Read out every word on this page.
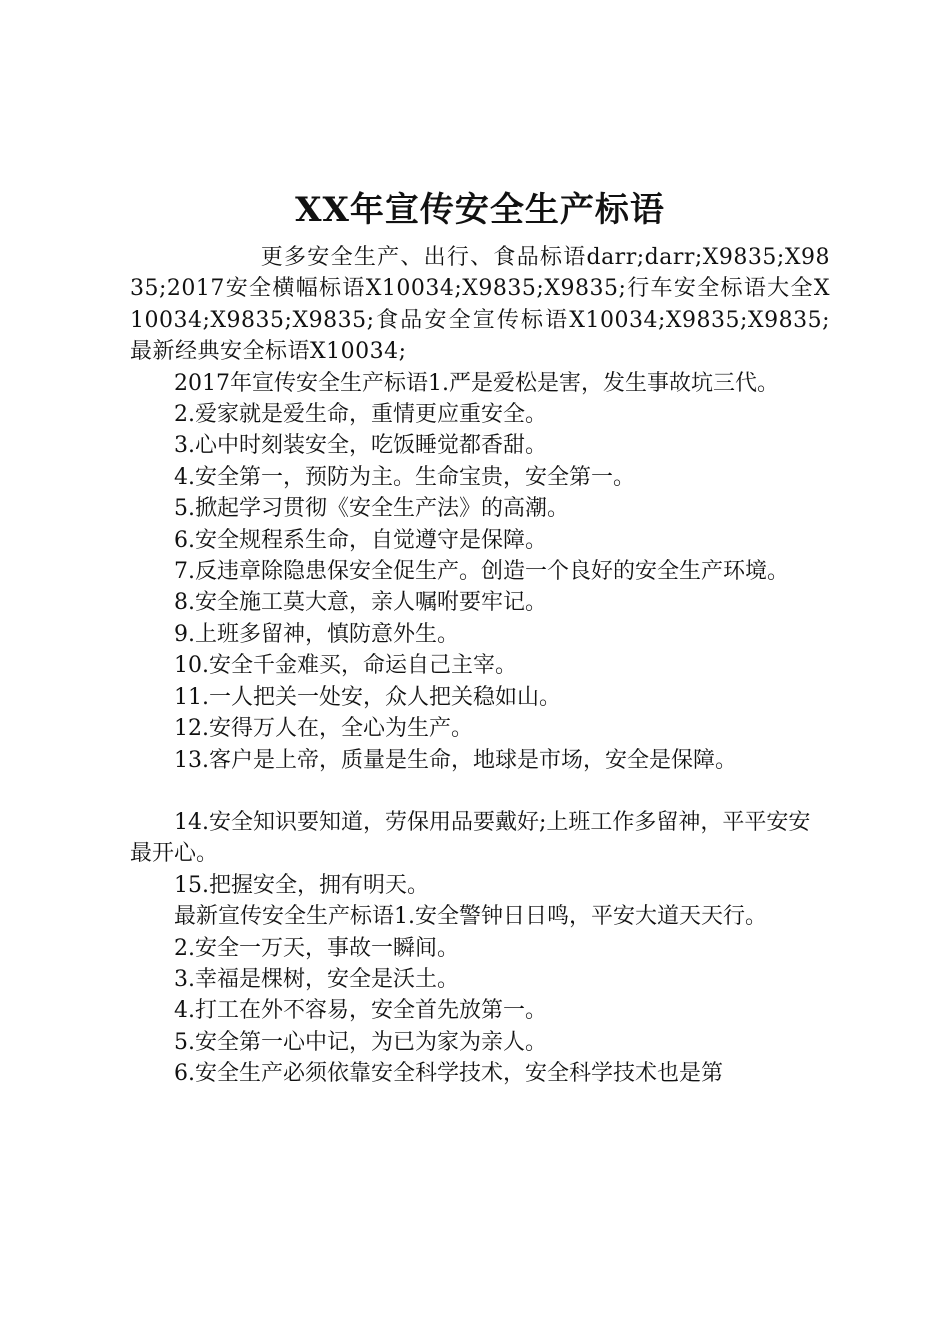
XX年宣传安全生产标语

更多安全生产、出行、食品标语darr;darr;X9835;X9835;2017安全横幅标语X10034;X9835;X9835;行车安全标语大全X10034;X9835;X9835;食品安全宣传标语X10034;X9835;X9835;最新经典安全标语X10034;

2017年宣传安全生产标语1.严是爱松是害，发生事故坑三代。

2.爱家就是爱生命，重情更应重安全。

3.心中时刻装安全，吃饭睡觉都香甜。

4.安全第一，预防为主。生命宝贵，安全第一。

5.掀起学习贯彻《安全生产法》的高潮。

6.安全规程系生命，自觉遵守是保障。

7.反违章除隐患保安全促生产。创造一个良好的安全生产环境。

8.安全施工莫大意，亲人嘱咐要牢记。

9.上班多留神，慎防意外生。

10.安全千金难买，命运自己主宰。

11.一人把关一处安，众人把关稳如山。

12.安得万人在，全心为生产。

13.客户是上帝，质量是生命，地球是市场，安全是保障。

14.安全知识要知道，劳保用品要戴好;上班工作多留神，平平安安最开心。

15.把握安全，拥有明天。

最新宣传安全生产标语1.安全警钟日日鸣，平安大道天天行。

2.安全一万天，事故一瞬间。

3.幸福是棵树，安全是沃土。

4.打工在外不容易，安全首先放第一。

5.安全第一心中记，为已为家为亲人。

6.安全生产必须依靠安全科学技术，安全科学技术也是第
